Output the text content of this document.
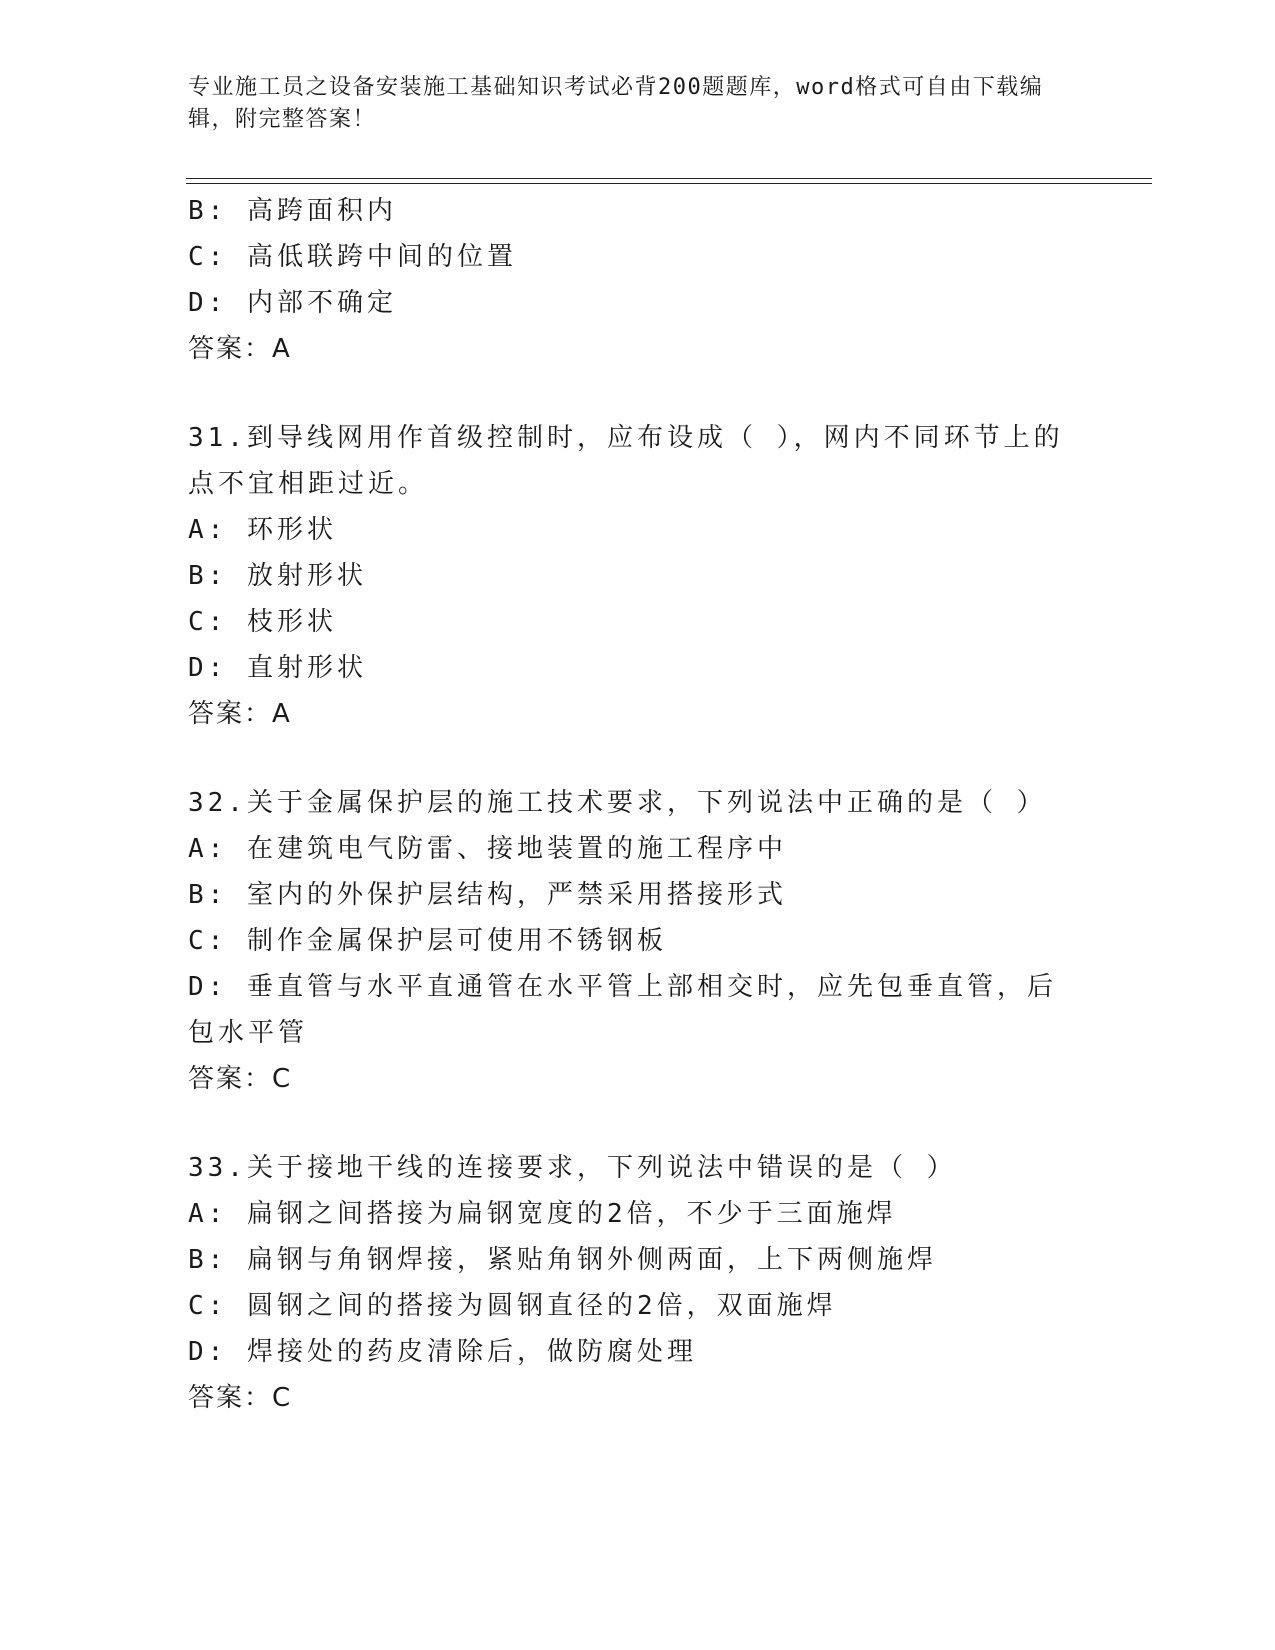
专业施工员之设备安装施工基础知识考试必背200题题库，word格式可自由下载编辑，附完整答案！

B: 高跨面积内

C: 高低联跨中间的位置

D: 内部不确定

答案：A

31.到导线网用作首级控制时，应布设成（ ），网内不同环节上的点不宜相距过近。

A: 环形状

B: 放射形状

C: 枝形状

D: 直射形状

答案：A

32.关于金属保护层的施工技术要求，下列说法中正确的是（ ）

A: 在建筑电气防雷、接地装置的施工程序中

B: 室内的外保护层结构，严禁采用搭接形式

C: 制作金属保护层可使用不锈钢板

D: 垂直管与水平直通管在水平管上部相交时，应先包垂直管，后包水平管

答案：C

33.关于接地干线的连接要求，下列说法中错误的是（ ）

A: 扁钢之间搭接为扁钢宽度的2倍，不少于三面施焊

B: 扁钢与角钢焊接，紧贴角钢外侧两面，上下两侧施焊

C: 圆钢之间的搭接为圆钢直径的2倍，双面施焊

D: 焊接处的药皮清除后，做防腐处理

答案：C
